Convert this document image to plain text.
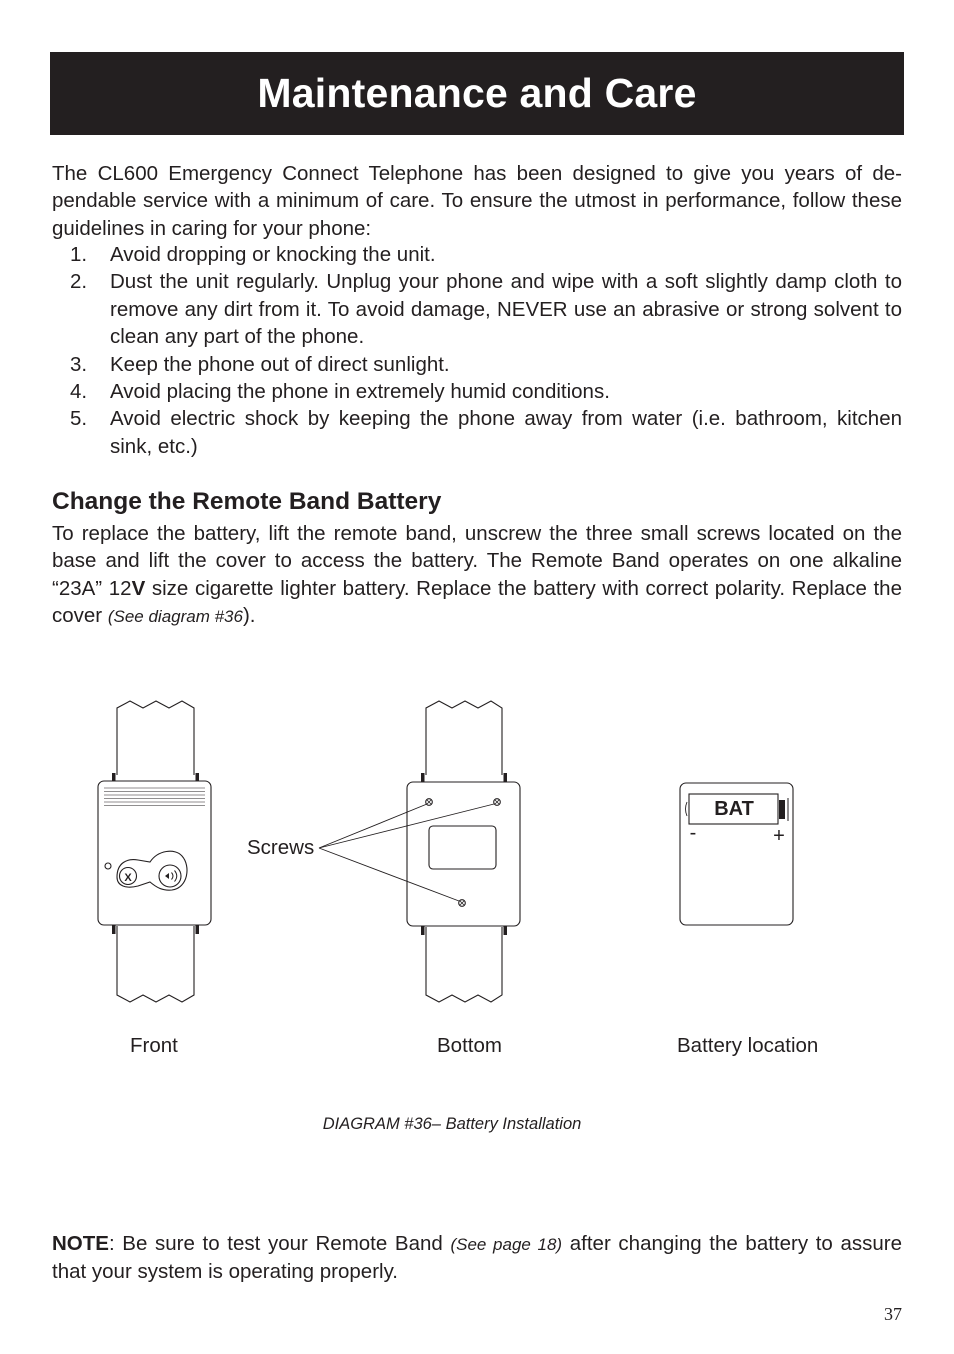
Maintenance and Care

The CL600 Emergency Connect Telephone has been designed to give you years of de-pendable service with a minimum of care. To ensure the utmost in performance, follow these guidelines in caring for your phone:

1. Avoid dropping or knocking the unit.
2. Dust the unit regularly. Unplug your phone and wipe with a soft slightly damp cloth to remove any dirt from it. To avoid damage, NEVER use an abrasive or strong solvent to clean any part of the phone.
3. Keep the phone out of direct sunlight.
4. Avoid placing the phone in extremely humid conditions.
5. Avoid electric shock by keeping the phone away from water (i.e. bathroom, kitchen sink, etc.)
Change the Remote Band Battery

To replace the battery, lift the remote band, unscrew the three small screws located on the base and lift the cover to access the battery. The Remote Band operates on one alkaline “23A” 12V size cigarette lighter battery. Replace the battery with correct polarity. Replace the cover (See diagram #36).

X
BAT
-	+
Screws
Front	Bottom	Battery location
DIAGRAM #36– Battery Installation

NOTE: Be sure to test your Remote Band (See page 18) after changing the battery to assure that your system is operating properly.

37
